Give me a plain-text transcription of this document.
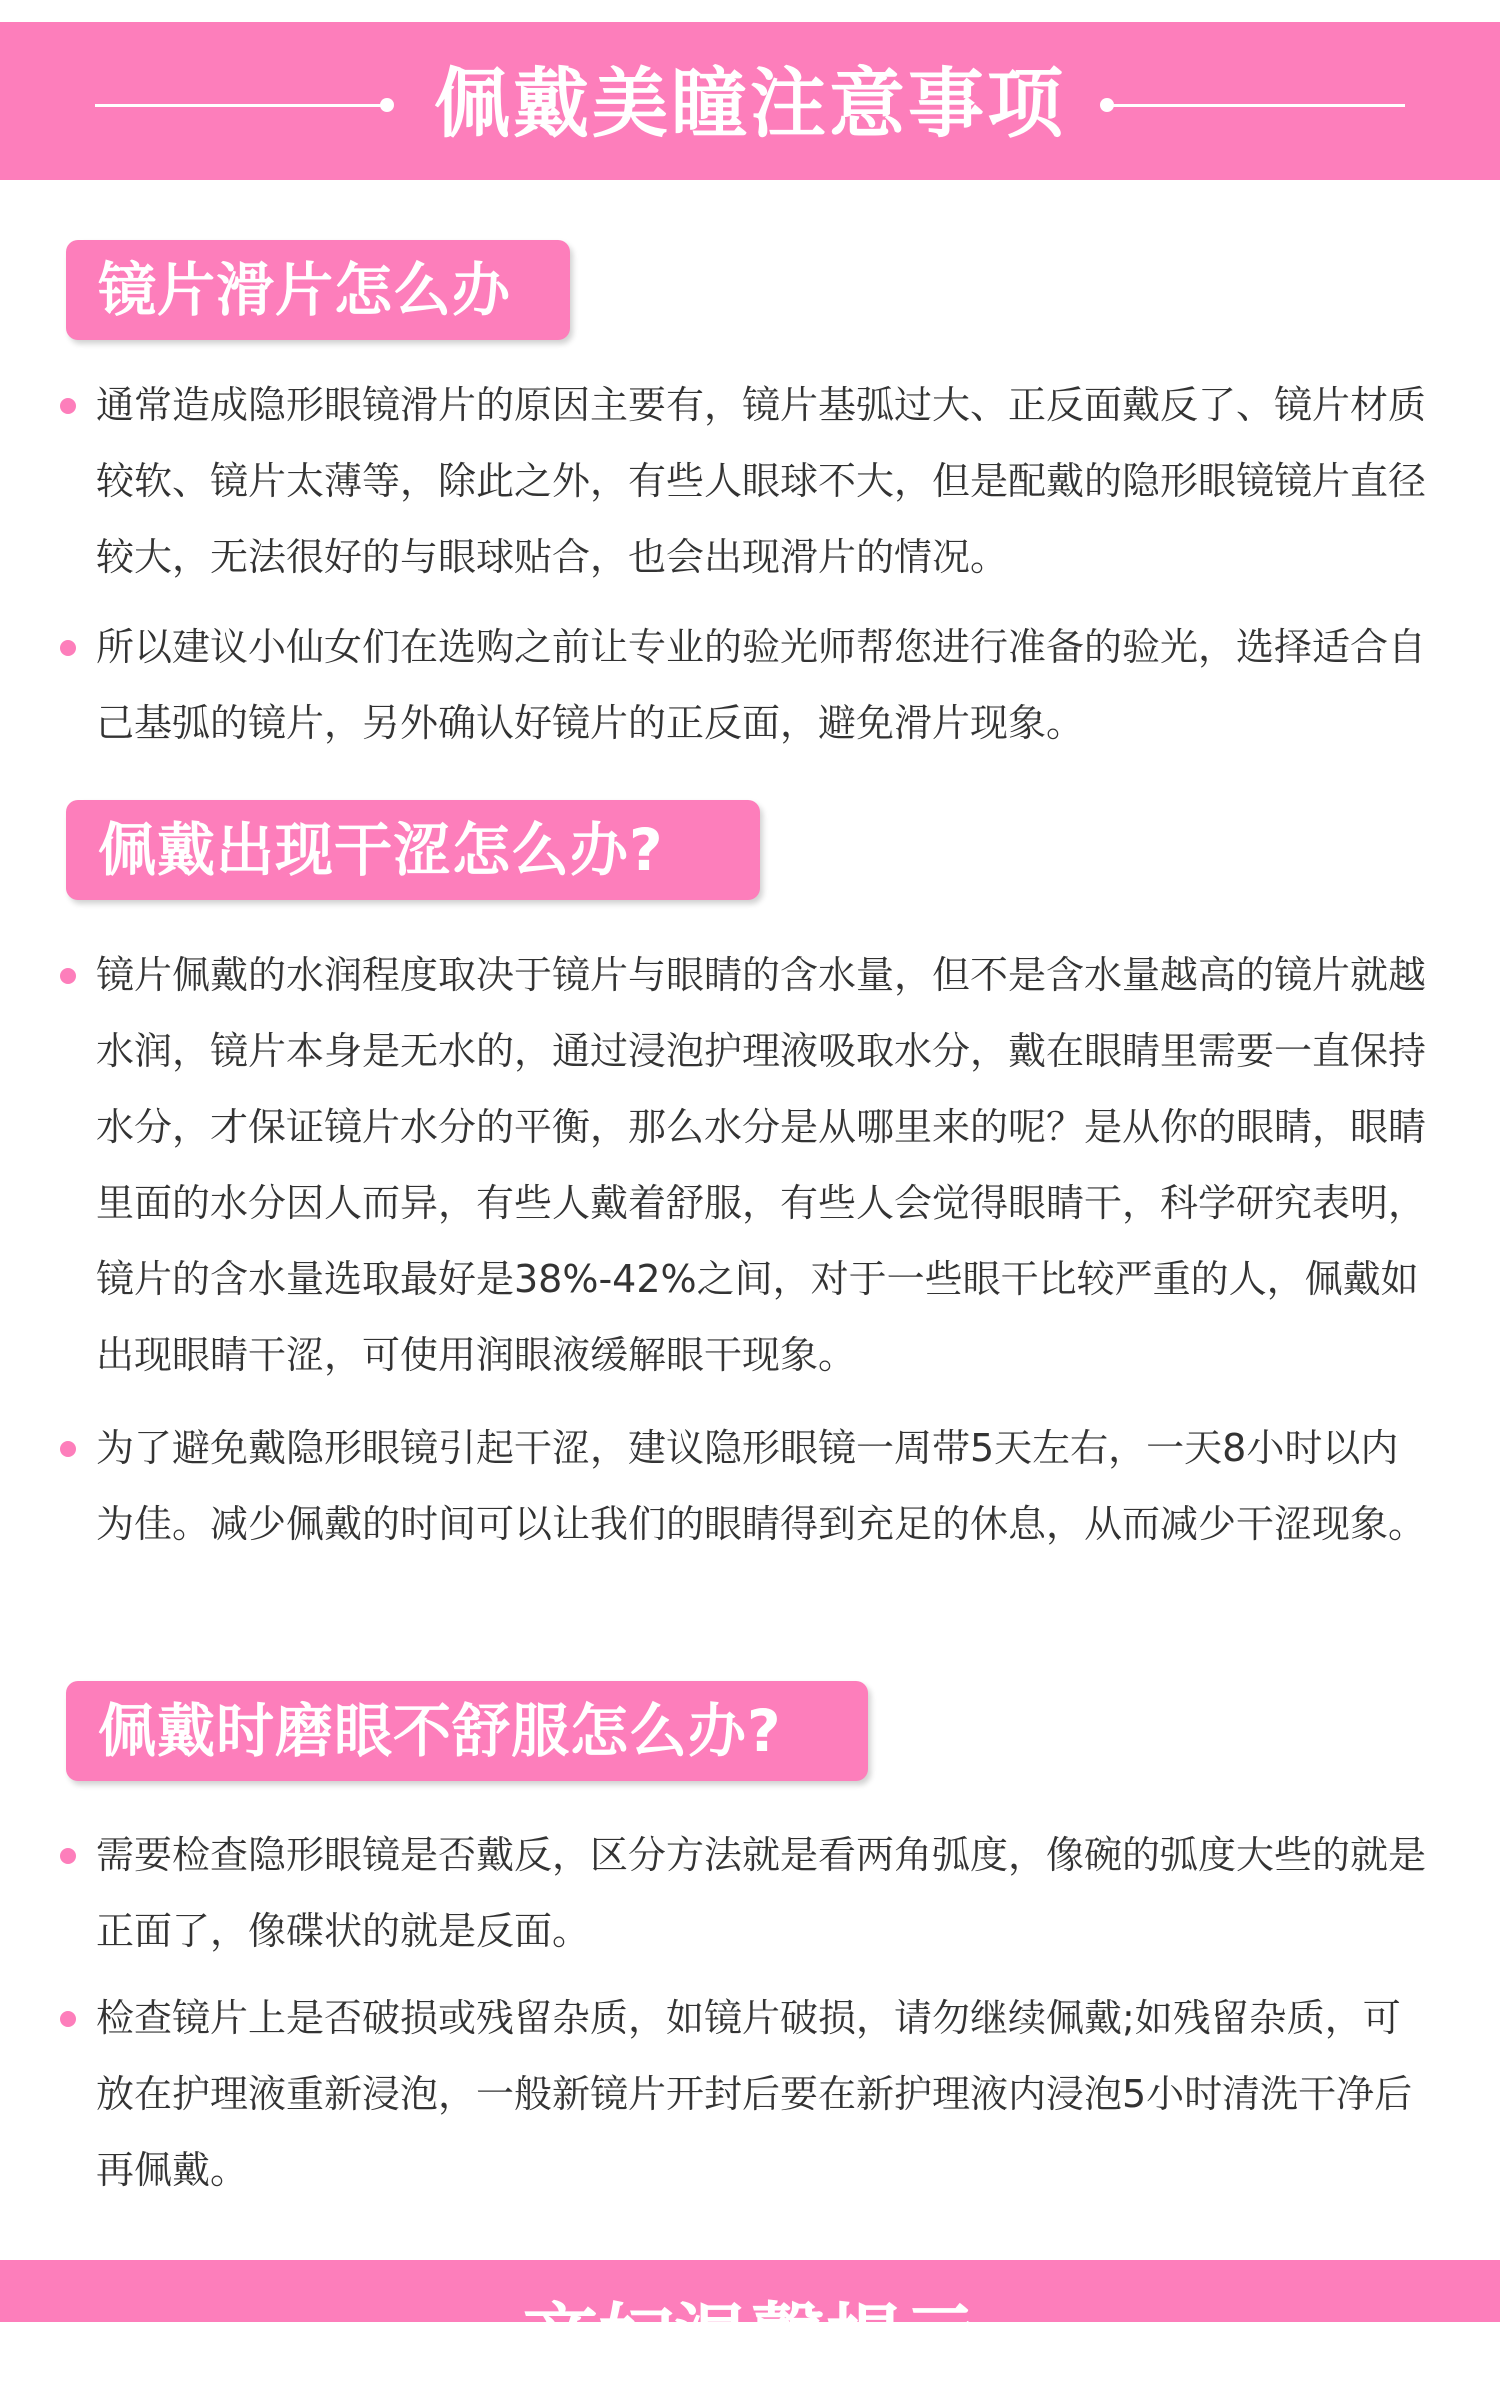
佩戴美瞳注意事项
镜片滑片怎么办

通常造成隐形眼镜滑片的原因主要有，镜片基弧过大、正反面戴反了、镜片材质较软、镜片太薄等，除此之外，有些人眼球不大，但是配戴的隐形眼镜镜片直径较大，无法很好的与眼球贴合，也会出现滑片的情况。

所以建议小仙女们在选购之前让专业的验光师帮您进行准备的验光，选择适合自己基弧的镜片，另外确认好镜片的正反面，避免滑片现象。

佩戴出现干涩怎么办?

镜片佩戴的水润程度取决于镜片与眼睛的含水量，但不是含水量越高的镜片就越水润，镜片本身是无水的，通过浸泡护理液吸取水分，戴在眼睛里需要一直保持水分，才保证镜片水分的平衡，那么水分是从哪里来的呢？是从你的眼睛，眼睛里面的水分因人而异，有些人戴着舒服，有些人会觉得眼睛干，科学研究表明，镜片的含水量选取最好是38%-42%之间，对于一些眼干比较严重的人，佩戴如出现眼睛干涩，可使用润眼液缓解眼干现象。

为了避免戴隐形眼镜引起干涩，建议隐形眼镜一周带5天左右，一天8小时以内为佳。减少佩戴的时间可以让我们的眼睛得到充足的休息，从而减少干涩现象。

佩戴时磨眼不舒服怎么办?

需要检查隐形眼镜是否戴反，区分方法就是看两角弧度，像碗的弧度大些的就是正面了，像碟状的就是反面。

检查镜片上是否破损或残留杂质，如镜片破损，请勿继续佩戴;如残留杂质，可放在护理液重新浸泡，一般新镜片开封后要在新护理液内浸泡5小时清洗干净后再佩戴。

产妇温馨提示
